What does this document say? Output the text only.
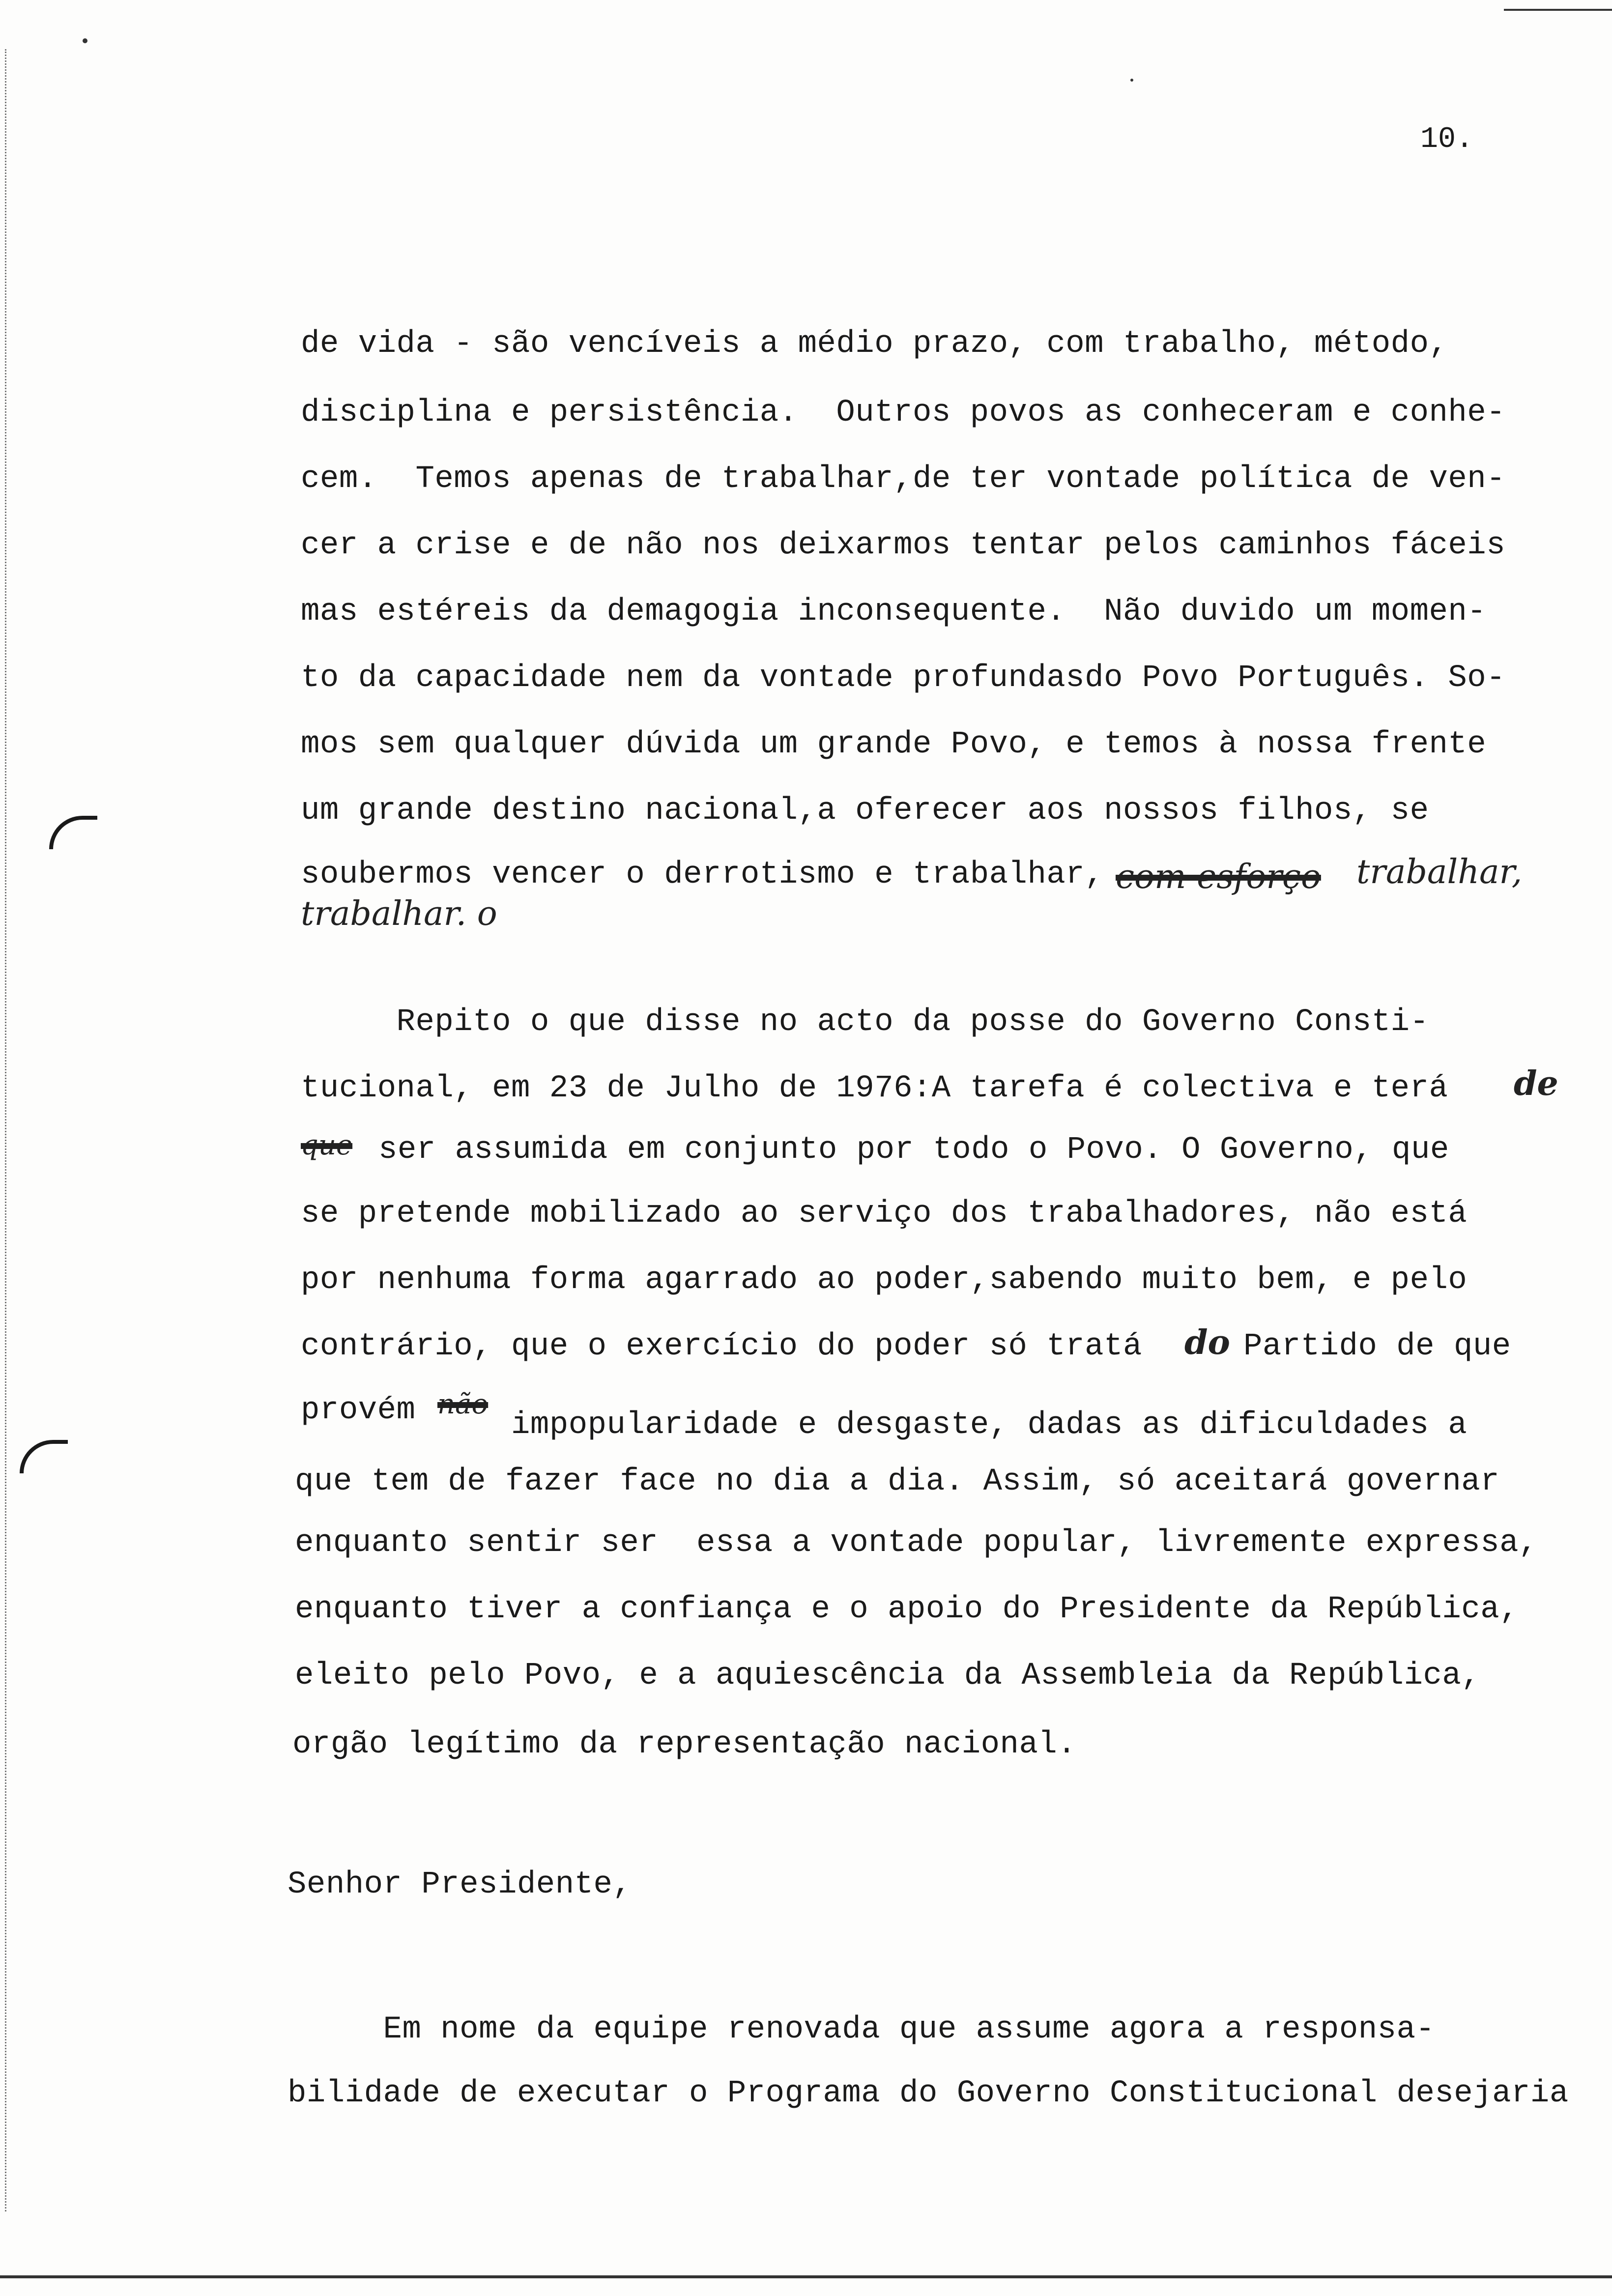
10.
de vida - são vencíveis a médio prazo, com trabalho, método,
disciplina e persistência.  Outros povos as conheceram e conhe-
cem.  Temos apenas de trabalhar,de ter vontade política de ven-
cer a crise e de não nos deixarmos tentar pelos caminhos fáceis
mas estéreis da demagogia inconsequente.  Não duvido um momen-
to da capacidade nem da vontade profundasdo Povo Português. So-
mos sem qualquer dúvida um grande Povo, e temos à nossa frente
um grande destino nacional,a oferecer aos nossos filhos, se
soubermos vencer o derrotismo e trabalhar, com esforço trabalhar,
trabalhar. o
Repito o que disse no acto da posse do Governo Consti-
tucional, em 23 de Julho de 1976:A tarefa é colectiva e terá de
que ser assumida em conjunto por todo o Povo. O Governo, que
se pretende mobilizado ao serviço dos trabalhadores, não está
por nenhuma forma agarrado ao poder,sabendo muito bem, e pelo
contrário, que o exercício do poder só tratá do Partido de que
provém não
impopularidade e desgaste, dadas as dificuldades a
que tem de fazer face no dia a dia. Assim, só aceitará governar
enquanto sentir ser  essa a vontade popular, livremente expressa,
enquanto tiver a confiança e o apoio do Presidente da República,
eleito pelo Povo, e a aquiescência da Assembleia da República,
orgão legítimo da representação nacional.
Senhor Presidente,
Em nome da equipe renovada que assume agora a responsa-
bilidade de executar o Programa do Governo Constitucional desejaria
